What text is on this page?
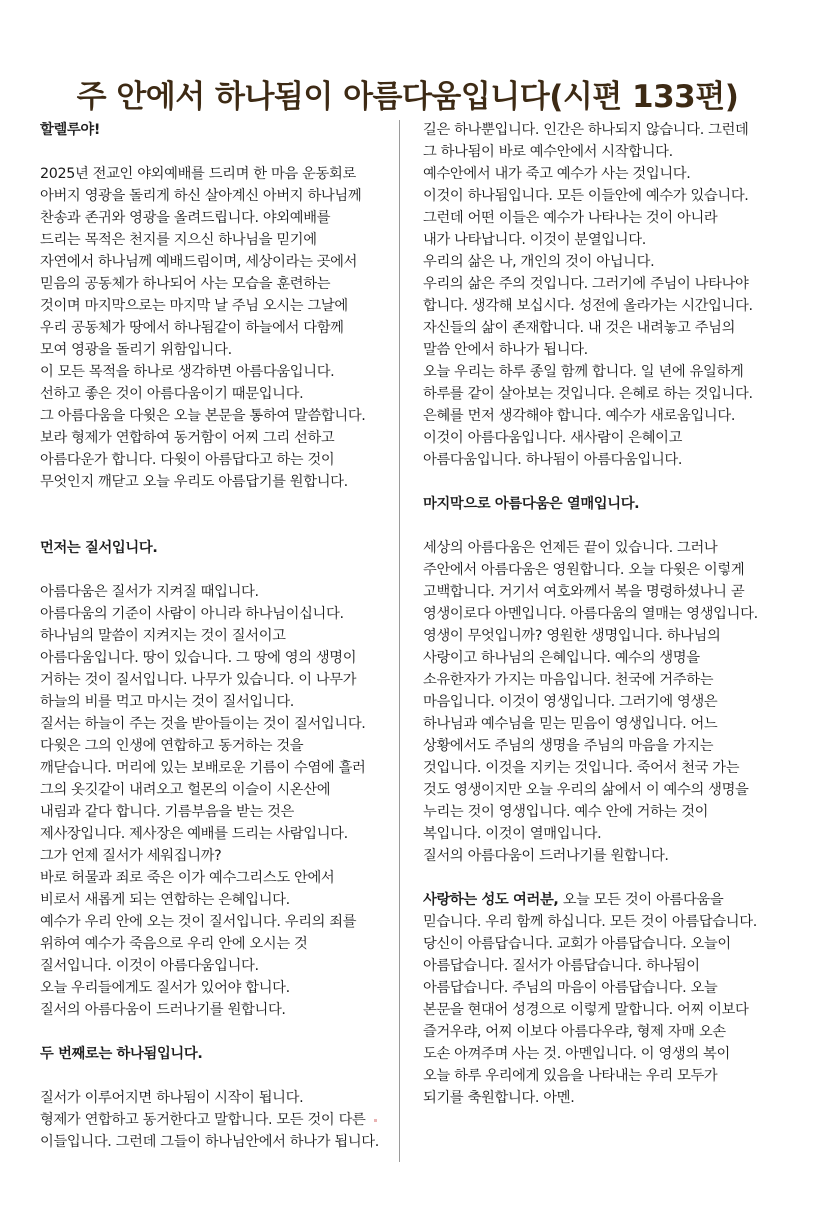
주 안에서 하나됨이 아름다움입니다(시편 133편)
할렐루야!
2025년 전교인 야외예배를 드리며 한 마음 운동회로
아버지 영광을 돌리게 하신 살아계신 아버지 하나님께
찬송과 존귀와 영광을 올려드립니다. 야외예배를
드리는 목적은 천지를 지으신 하나님을 믿기에
자연에서 하나님께 예배드림이며, 세상이라는 곳에서
믿음의 공동체가 하나되어 사는 모습을 훈련하는
것이며 마지막으로는 마지막 날 주님 오시는 그날에
우리 공동체가 땅에서 하나됨같이 하늘에서 다함께
모여 영광을 돌리기 위함입니다.
이 모든 목적을 하나로 생각하면 아름다움입니다.
선하고 좋은 것이 아름다움이기 때문입니다.
그 아름다움을 다윗은 오늘 본문을 통하여 말씀합니다.
보라 형제가 연합하여 동거함이 어찌 그리 선하고
아름다운가 합니다. 다윗이 아름답다고 하는 것이
무엇인지 깨닫고 오늘 우리도 아름답기를 원합니다.
먼저는 질서입니다.
아름다움은 질서가 지켜질 때입니다.
아름다움의 기준이 사람이 아니라 하나님이십니다.
하나님의 말씀이 지켜지는 것이 질서이고
아름다움입니다. 땅이 있습니다. 그 땅에 영의 생명이
거하는 것이 질서입니다. 나무가 있습니다. 이 나무가
하늘의 비를 먹고 마시는 것이 질서입니다.
질서는 하늘이 주는 것을 받아들이는 것이 질서입니다.
다윗은 그의 인생에 연합하고 동거하는 것을
깨닫습니다. 머리에 있는 보배로운 기름이 수염에 흘러
그의 옷깃같이 내려오고 헐몬의 이슬이 시온산에
내림과 같다 합니다. 기름부음을 받는 것은
제사장입니다. 제사장은 예배를 드리는 사람입니다.
그가 언제 질서가 세워집니까?
바로 허물과 죄로 죽은 이가 예수그리스도 안에서
비로서 새롭게 되는 연합하는 은혜입니다.
예수가 우리 안에 오는 것이 질서입니다. 우리의 죄를
위하여 예수가 죽음으로 우리 안에 오시는 것
질서입니다. 이것이 아름다움입니다.
오늘 우리들에게도 질서가 있어야 합니다.
질서의 아름다움이 드러나기를 원합니다.
두 번째로는 하나됨입니다.
질서가 이루어지면 하나됨이 시작이 됩니다.
형제가 연합하고 동거한다고 말합니다. 모든 것이 다른
이들입니다. 그런데 그들이 하나님안에서 하나가 됩니다.
길은 하나뿐입니다. 인간은 하나되지 않습니다. 그런데
그 하나됨이 바로 예수안에서 시작합니다.
예수안에서 내가 죽고 예수가 사는 것입니다.
이것이 하나됨입니다. 모든 이들안에 예수가 있습니다.
그런데 어떤 이들은 예수가 나타나는 것이 아니라
내가 나타납니다. 이것이 분열입니다.
우리의 삶은 나, 개인의 것이 아닙니다.
우리의 삶은 주의 것입니다. 그러기에 주님이 나타나야
합니다. 생각해 보십시다. 성전에 올라가는 시간입니다.
자신들의 삶이 존재합니다. 내 것은 내려놓고 주님의
말씀 안에서 하나가 됩니다.
오늘 우리는 하루 종일 함께 합니다. 일 년에 유일하게
하루를 같이 살아보는 것입니다. 은혜로 하는 것입니다.
은혜를 먼저 생각해야 합니다. 예수가 새로움입니다.
이것이 아름다움입니다. 새사람이 은혜이고
아름다움입니다. 하나됨이 아름다움입니다.
마지막으로 아름다움은 열매입니다.
세상의 아름다움은 언제든 끝이 있습니다. 그러나
주안에서 아름다움은 영원합니다. 오늘 다윗은 이렇게
고백합니다. 거기서 여호와께서 복을 명령하셨나니 곧
영생이로다 아멘입니다. 아름다움의 열매는 영생입니다.
영생이 무엇입니까? 영원한 생명입니다. 하나님의
사랑이고 하나님의 은혜입니다. 예수의 생명을
소유한자가 가지는 마음입니다. 천국에 거주하는
마음입니다. 이것이 영생입니다. 그러기에 영생은
하나님과 예수님을 믿는 믿음이 영생입니다. 어느
상황에서도 주님의 생명을 주님의 마음을 가지는
것입니다. 이것을 지키는 것입니다. 죽어서 천국 가는
것도 영생이지만 오늘 우리의 삶에서 이 예수의 생명을
누리는 것이 영생입니다. 예수 안에 거하는 것이
복입니다. 이것이 열매입니다.
질서의 아름다움이 드러나기를 원합니다.
사랑하는 성도 여러분, 오늘 모든 것이 아름다움을
믿습니다. 우리 함께 하십니다. 모든 것이 아름답습니다.
당신이 아름답습니다. 교회가 아름답습니다. 오늘이
아름답습니다. 질서가 아름답습니다. 하나됨이
아름답습니다. 주님의 마음이 아름답습니다. 오늘
본문을 현대어 성경으로 이렇게 말합니다. 어찌 이보다
즐거우랴, 어찌 이보다 아름다우랴, 형제 자매 오손
도손 아껴주며 사는 것. 아멘입니다. 이 영생의 복이
오늘 하루 우리에게 있음을 나타내는 우리 모두가
되기를 축원합니다. 아멘.
